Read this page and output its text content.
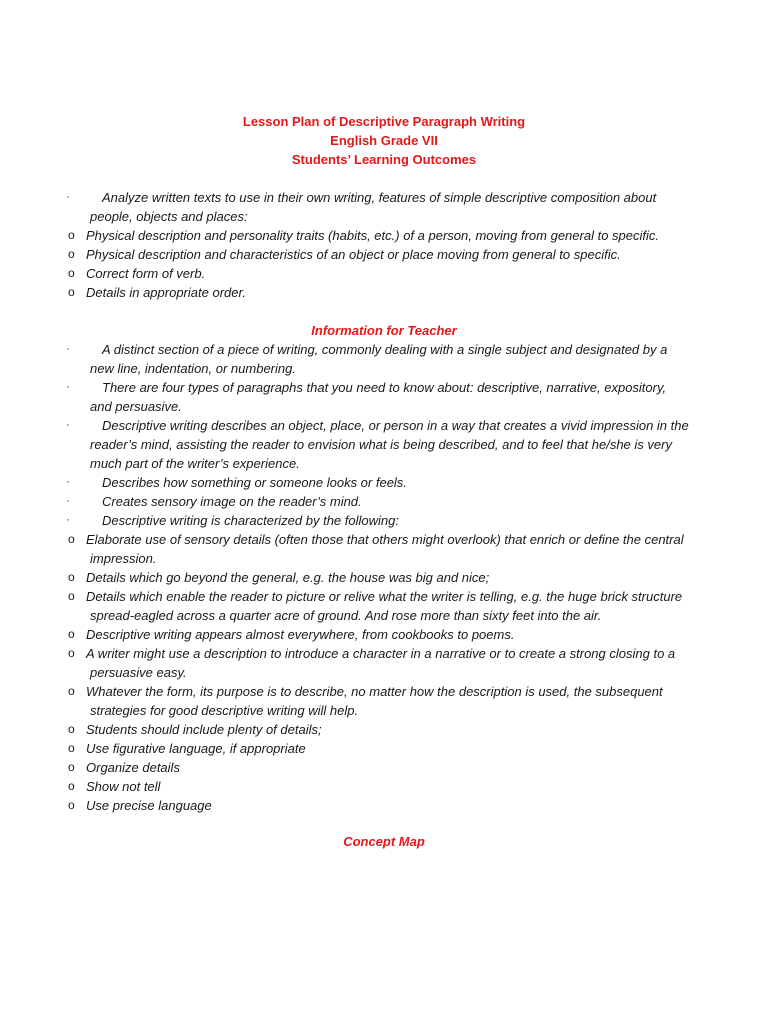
Lesson Plan of Descriptive Paragraph Writing
English Grade VII
Students’ Learning Outcomes
·	Analyze written texts to use in their own writing, features of simple descriptive composition about people, objects and places:
o Physical description and personality traits (habits, etc.) of a person, moving from general to specific.
o Physical description and characteristics of an object or place moving from general to specific.
o Correct form of verb.
o Details in appropriate order.
Information for Teacher
·	A distinct section of a piece of writing, commonly dealing with a single subject and designated by a new line, indentation, or numbering.
·	There are four types of paragraphs that you need to know about: descriptive, narrative, expository, and persuasive.
·	Descriptive writing describes an object, place, or person in a way that creates a vivid impression in the reader’s mind, assisting the reader to envision what is being described, and to feel that he/she is very much part of the writer’s experience.
·	Describes how something or someone looks or feels.
·	Creates sensory image on the reader’s mind.
·	Descriptive writing is characterized by the following:
o Elaborate use of sensory details (often those that others might overlook) that enrich or define the central impression.
o Details which go beyond the general, e.g. the house was big and nice;
o Details which enable the reader to picture or relive what the writer is telling, e.g. the huge brick structure spread-eagled across a quarter acre of ground. And rose more than sixty feet into the air.
o Descriptive writing appears almost everywhere, from cookbooks to poems.
o A writer might use a description to introduce a character in a narrative or to create a strong closing to a persuasive easy.
o Whatever the form, its purpose is to describe, no matter how the description is used, the subsequent strategies for good descriptive writing will help.
o Students should include plenty of details;
o Use figurative language, if appropriate
o Organize details
o Show not tell
o Use precise language
Concept Map
